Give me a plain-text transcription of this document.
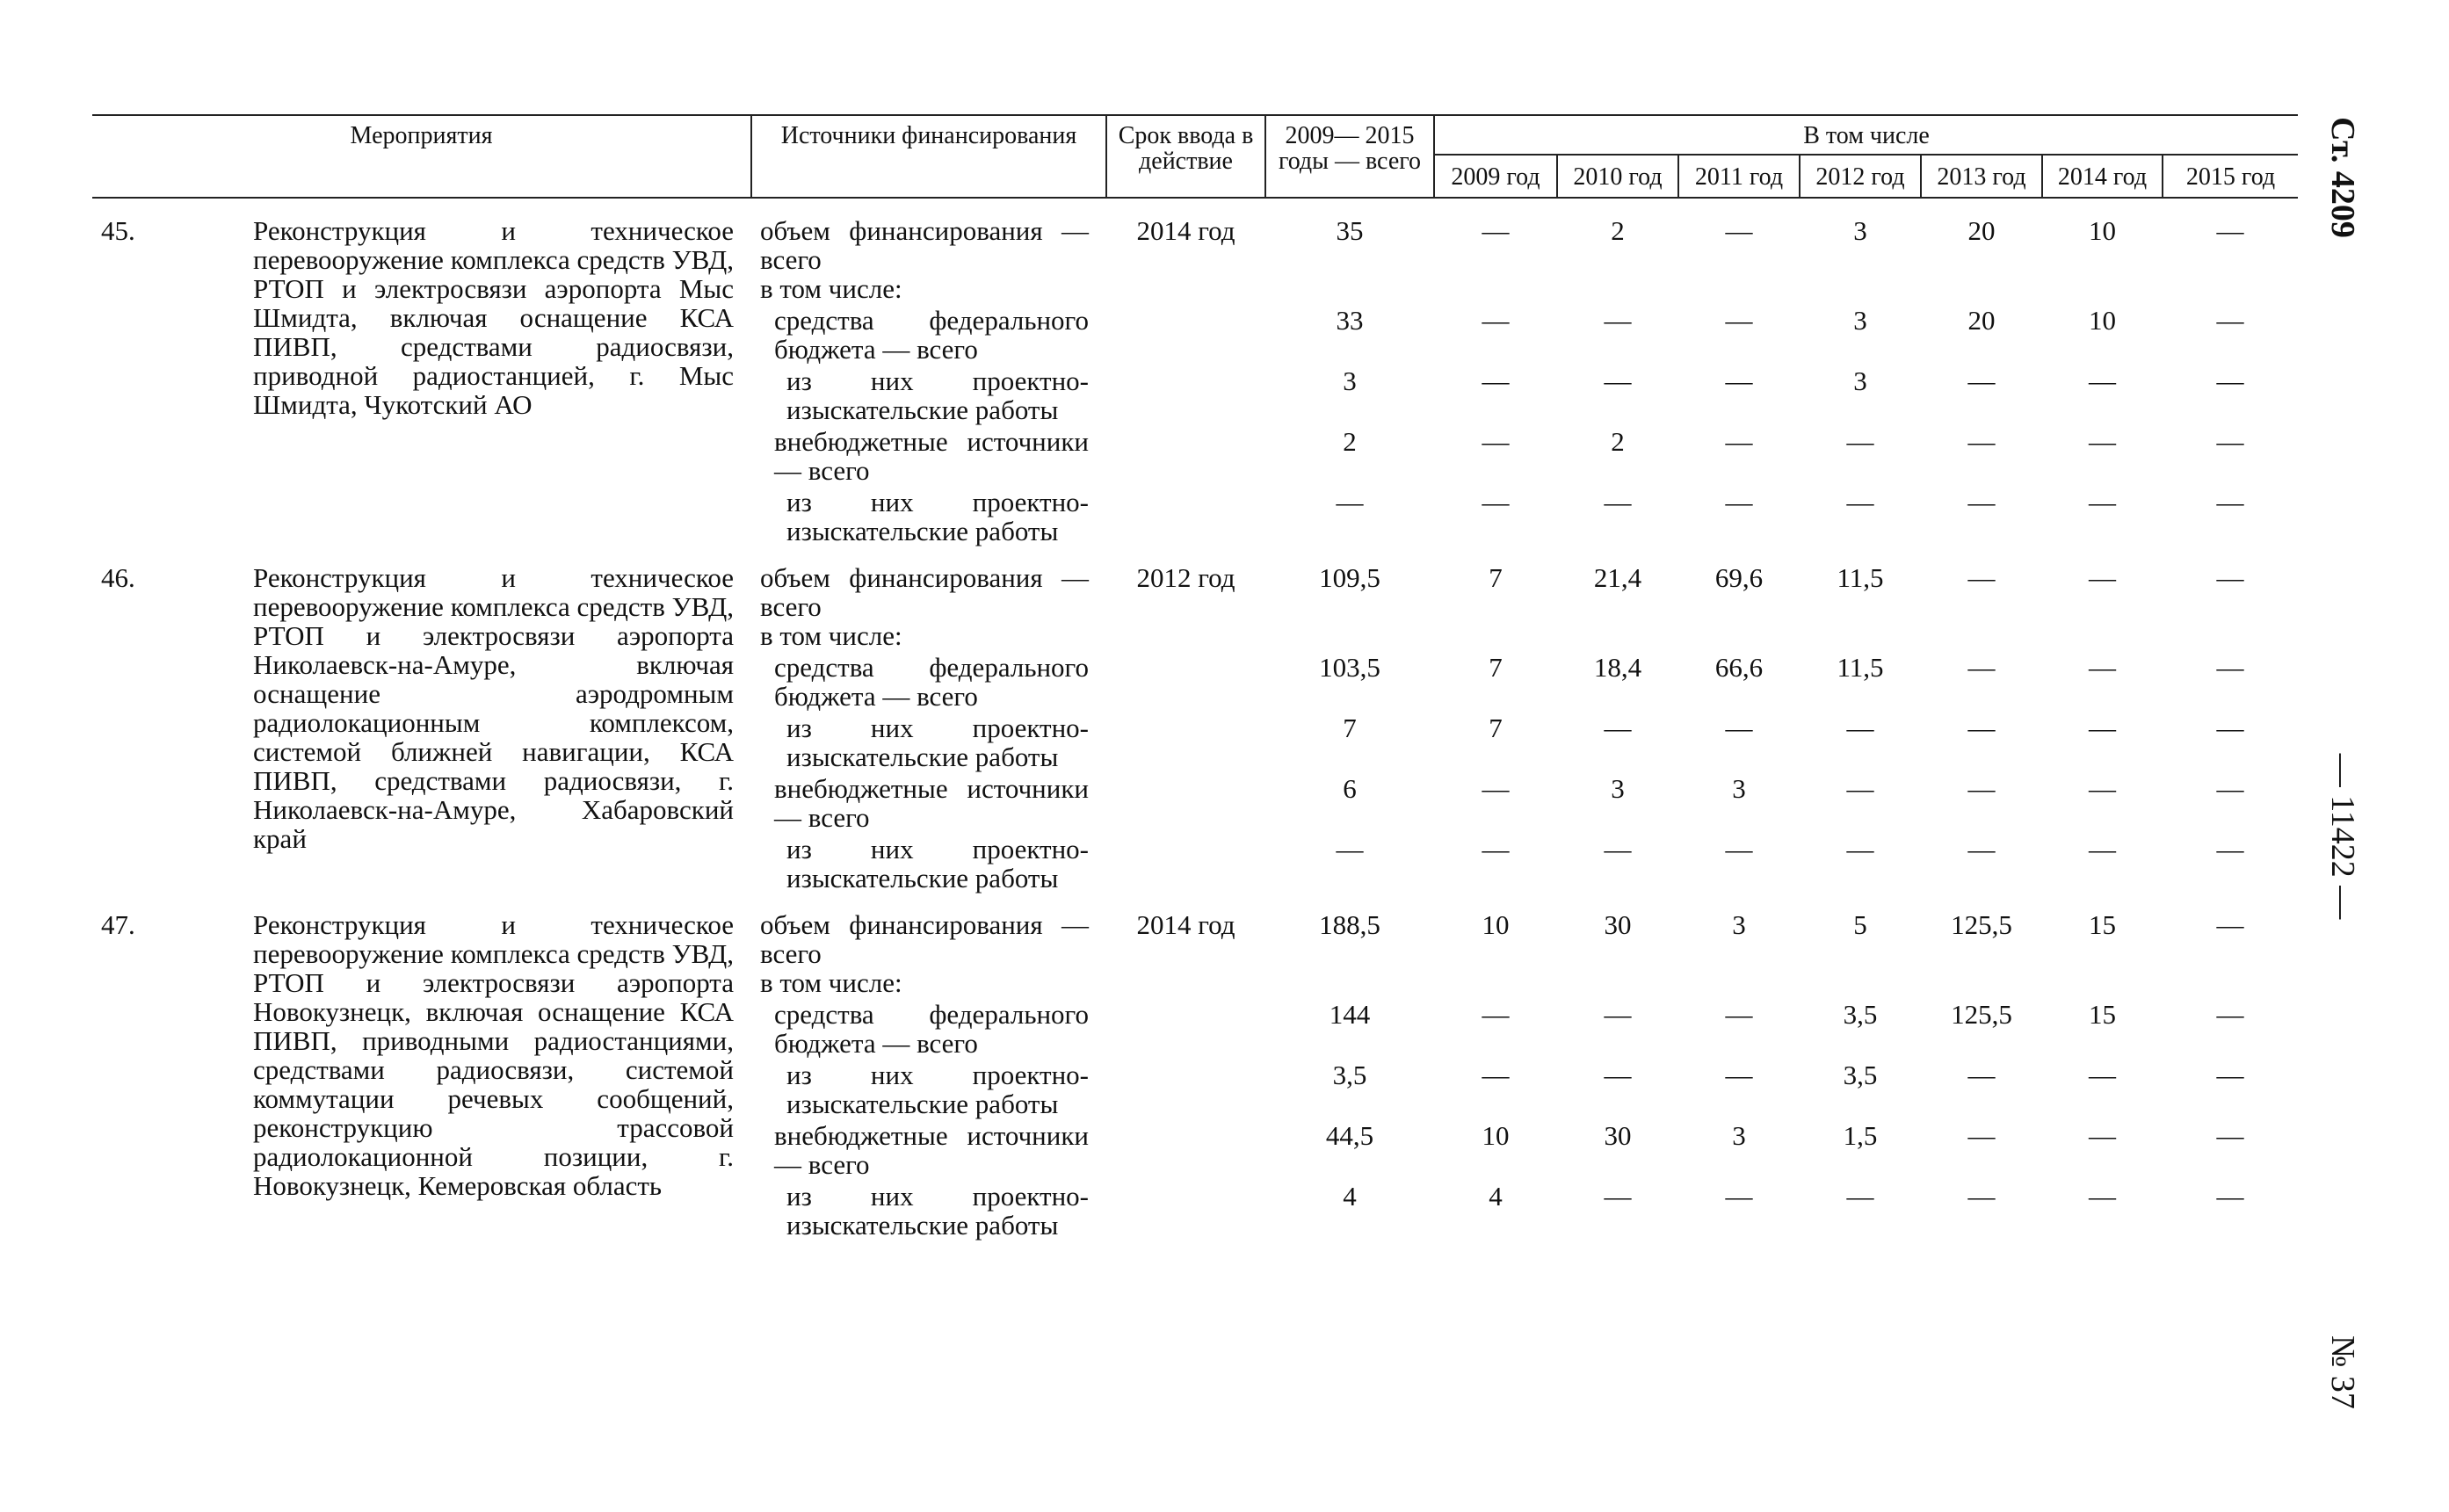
Ст. 4209
— 11422 —
№ 37
Мероприятия		Источники финансирования	Срок ввода в действие	2009— 2015 годы — всего	В том числе						
					2009 год	2010 год	2011 год	2012 год	2013 год	2014 год	2015 год
45.	Реконструкция и техническое перевооружение комплекса средств УВД, РТОП и электросвязи аэропорта Мыс Шмидта, включая оснащение КСА ПИВП, средствами радиосвязи, приводной радиостанцией, г. Мыс Шмидта, Чукотский АО	объем финансирования — всего	2014 год	35	—	2	—	3	20	10	—

		в том числе:									

		средства федерального бюджета — всего		33	—	—	—	3	20	10	—

		из них проектно-изыскательские работы		3	—	—	—	3	—	—	—

		внебюджетные источники — всего		2	—	2	—	—	—	—	—

		из них проектно-изыскательские работы		—	—	—	—	—	—	—	—
46.	Реконструкция и техническое перевооружение комплекса средств УВД, РТОП и электросвязи аэропорта Николаевск-на-Амуре, включая оснащение аэродромным радиолокационным комплексом, системой ближней навигации, КСА ПИВП, средствами радиосвязи, г. Николаевск-на-Амуре, Хабаровский край	объем финансирования — всего	2012 год	109,5	7	21,4	69,6	11,5	—	—	—

		в том числе:									

		средства федерального бюджета — всего		103,5	7	18,4	66,6	11,5	—	—	—

		из них проектно-изыскательские работы		7	7	—	—	—	—	—	—

		внебюджетные источники — всего		6	—	3	3	—	—	—	—

		из них проектно-изыскательские работы		—	—	—	—	—	—	—	—
47.	Реконструкция и техническое перевооружение комплекса средств УВД, РТОП и электросвязи аэропорта Новокузнецк, включая оснащение КСА ПИВП, приводными радиостанциями, средствами радиосвязи, системой коммутации речевых сообщений, реконструкцию трассовой радиолокационной позиции, г. Новокузнецк, Кемеровская область	объем финансирования — всего	2014 год	188,5	10	30	3	5	125,5	15	—

		в том числе:									

		средства федерального бюджета — всего		144	—	—	—	3,5	125,5	15	—

		из них проектно-изыскательские работы		3,5	—	—	—	3,5	—	—	—

		внебюджетные источники — всего		44,5	10	30	3	1,5	—	—	—

		из них проектно-изыскательские работы		4	4	—	—	—	—	—	—
